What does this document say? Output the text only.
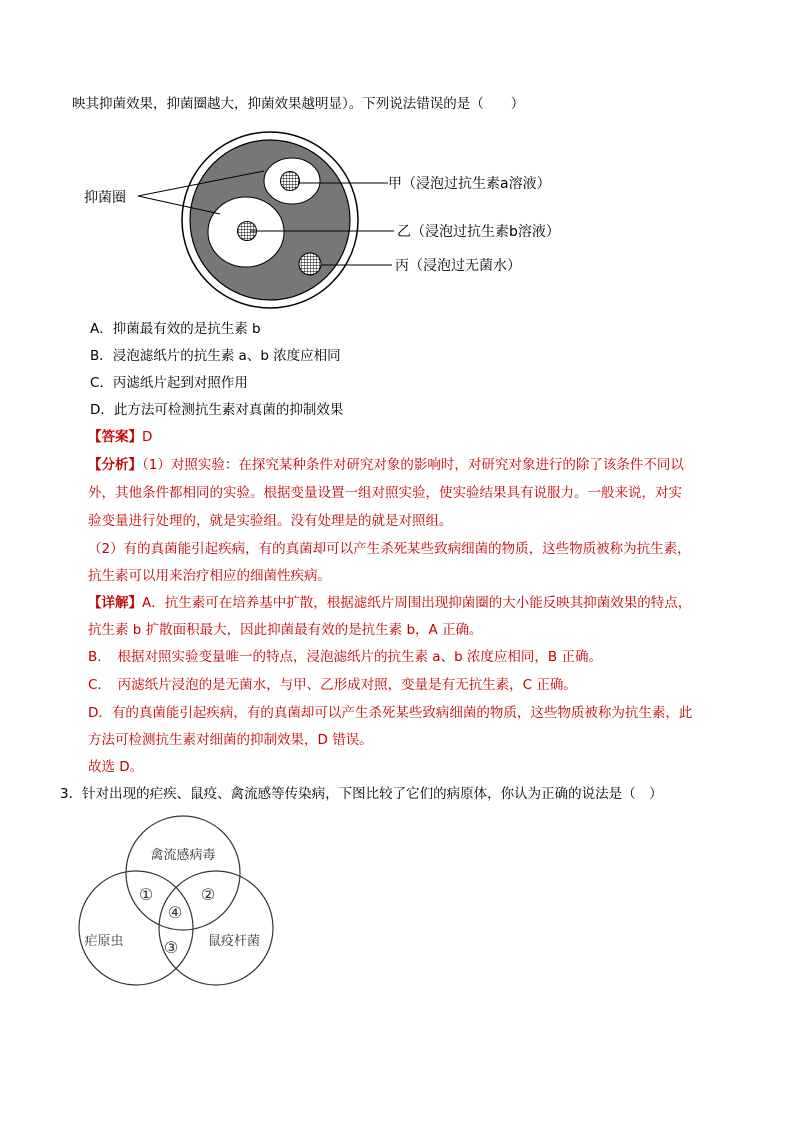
映其抑菌效果，抑菌圈越大，抑菌效果越明显）。下列说法错误的是（　　）
抑菌圈
甲（浸泡过抗生素a溶液）
乙（浸泡过抗生素b溶液）
丙（浸泡过无菌水）
A．抑菌最有效的是抗生素 b
B．浸泡滤纸片的抗生素 a、b 浓度应相同
C．丙滤纸片起到对照作用
D．此方法可检测抗生素对真菌的抑制效果
【答案】D
【分析】（1）对照实验：在探究某种条件对研究对象的影响时，对研究对象进行的除了该条件不同以
外，其他条件都相同的实验。根据变量设置一组对照实验，使实验结果具有说服力。一般来说，对实
验变量进行处理的，就是实验组。没有处理是的就是对照组。
（2）有的真菌能引起疾病，有的真菌却可以产生杀死某些致病细菌的物质，这些物质被称为抗生素，
抗生素可以用来治疗相应的细菌性疾病。
【详解】A．抗生素可在培养基中扩散，根据滤纸片周围出现抑菌圈的大小能反映其抑菌效果的特点，
抗生素 b 扩散面积最大，因此抑菌最有效的是抗生素 b，A 正确。
B．　根据对照实验变量唯一的特点，浸泡滤纸片的抗生素 a、b 浓度应相同，B 正确。
C．　丙滤纸片浸泡的是无菌水，与甲、乙形成对照，变量是有无抗生素，C 正确。
D．有的真菌能引起疾病，有的真菌却可以产生杀死某些致病细菌的物质，这些物质被称为抗生素，此
方法可检测抗生素对细菌的抑制效果，D 错误。
故选 D。
3．针对出现的疟疾、鼠疫、禽流感等传染病，下图比较了它们的病原体，你认为正确的说法是（　）
禽流感病毒
疟原虫	鼠疫杆菌
①	②
④
③
